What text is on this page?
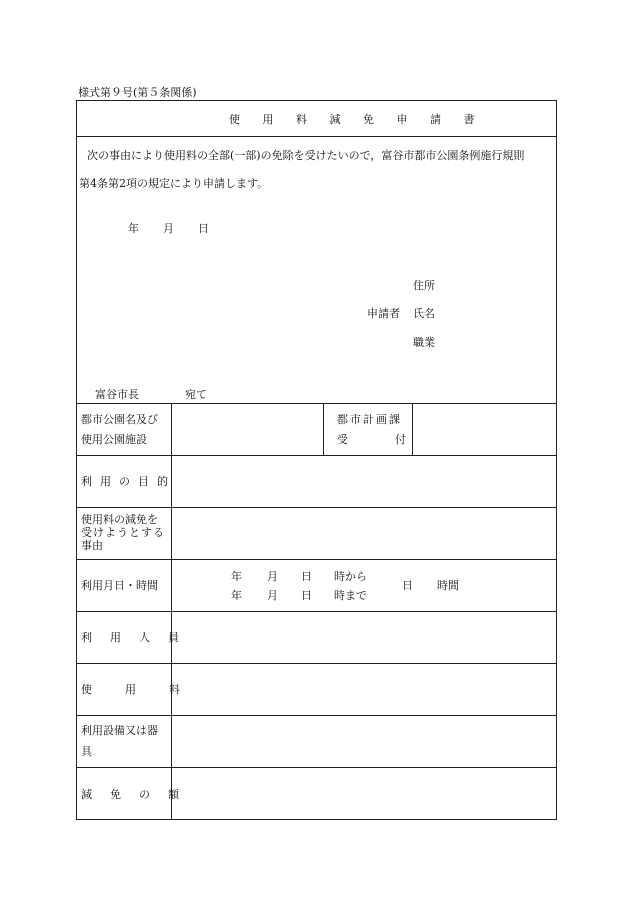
様式第９号(第５条関係)
使 用 料 減 免 申 請 書
次の事由により使用料の全部(一部)の免除を受けたいので，富谷市都市公園条例施行規則
第4条第2項の規定により申請します。
年 月 日
住所
申請者 氏名
職業
富谷市長	宛て
都市公園名及び
使用公園施設
都市計画課
受	付
利用の目的
使用料の減免を
受けようとする
事由
利用月日・時間
年 月 日 時から
年 月 日 時まで
日 時間
利用人員
使用料
利用設備又は器
具
減免の額
